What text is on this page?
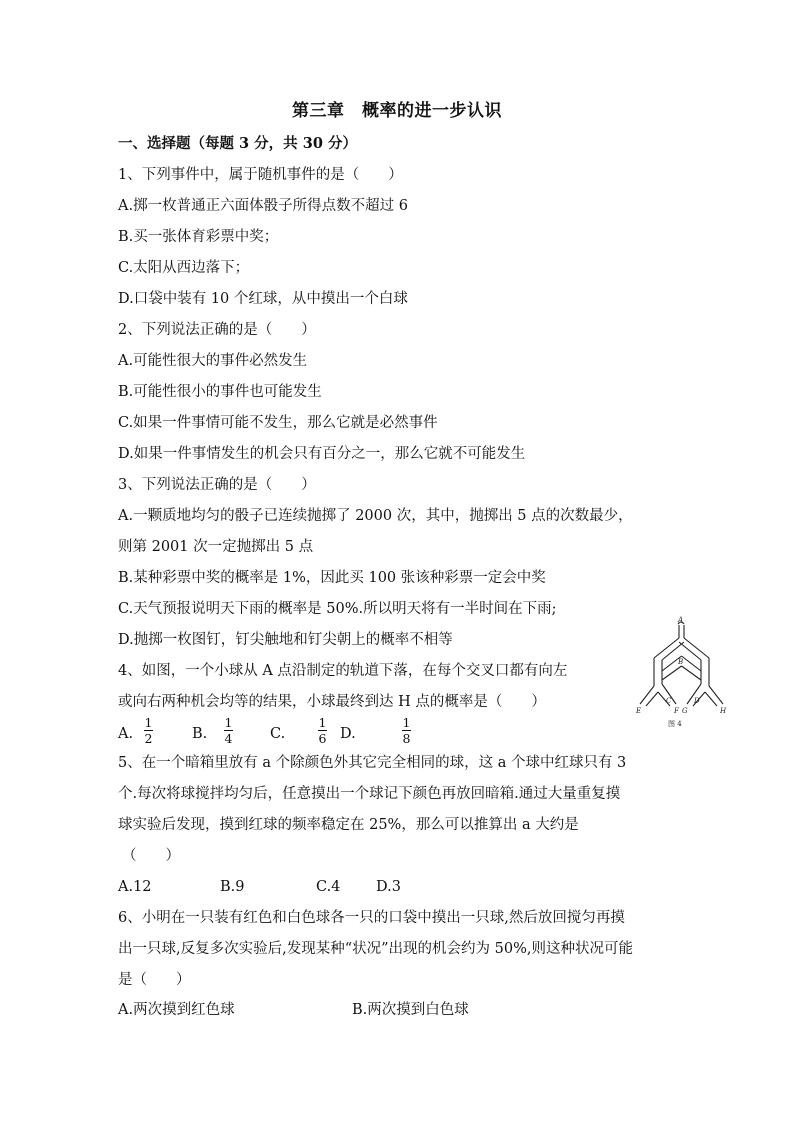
第三章　概率的进一步认识
一、选择题（每题 3 分，共 30 分）
1、下列事件中，属于随机事件的是（　　）
A.掷一枚普通正六面体骰子所得点数不超过 6
B.买一张体育彩票中奖；
C.太阳从西边落下；
D.口袋中装有 10 个红球，从中摸出一个白球
2、下列说法正确的是（　　）
A.可能性很大的事件必然发生
B.可能性很小的事件也可能发生
C.如果一件事情可能不发生，那么它就是必然事件
D.如果一件事情发生的机会只有百分之一，那么它就不可能发生
3、下列说法正确的是（　　）
A.一颗质地均匀的骰子已连续抛掷了 2000 次，其中，抛掷出 5 点的次数最少，
则第 2001 次一定抛掷出 5 点
B.某种彩票中奖的概率是 1%，因此买 100 张该种彩票一定会中奖
C.天气预报说明天下雨的概率是 50%.所以明天将有一半时间在下雨;
D.抛掷一枚图钉，钉尖触地和钉尖朝上的概率不相等
4、如图，一个小球从 A 点沿制定的轨道下落，在每个交叉口都有向左
或向右两种机会均等的结果，小球最终到达 H 点的概率是（　　）
A. $\frac{1}{2}$	B. $\frac{1}{4}$	C.	$\frac{1}{6} D$.	$\frac{1}{8}$
A
B
E
C
F G
D
H
图 4
5、在一个暗箱里放有 a 个除颜色外其它完全相同的球，这 a 个球中红球只有 3
个.每次将球搅拌均匀后，任意摸出一个球记下颜色再放回暗箱.通过大量重复摸
球实验后发现，摸到红球的频率稳定在 25%，那么可以推算出 a 大约是
（　　）
A.12	B.9	C.4 D.3
6、小明在一只装有红色和白色球各一只的口袋中摸出一只球,然后放回搅匀再摸
出一只球,反复多次实验后,发现某种“状况”出现的机会约为 50%,则这种状况可能
是（　　）
A.两次摸到红色球	B.两次摸到白色球
